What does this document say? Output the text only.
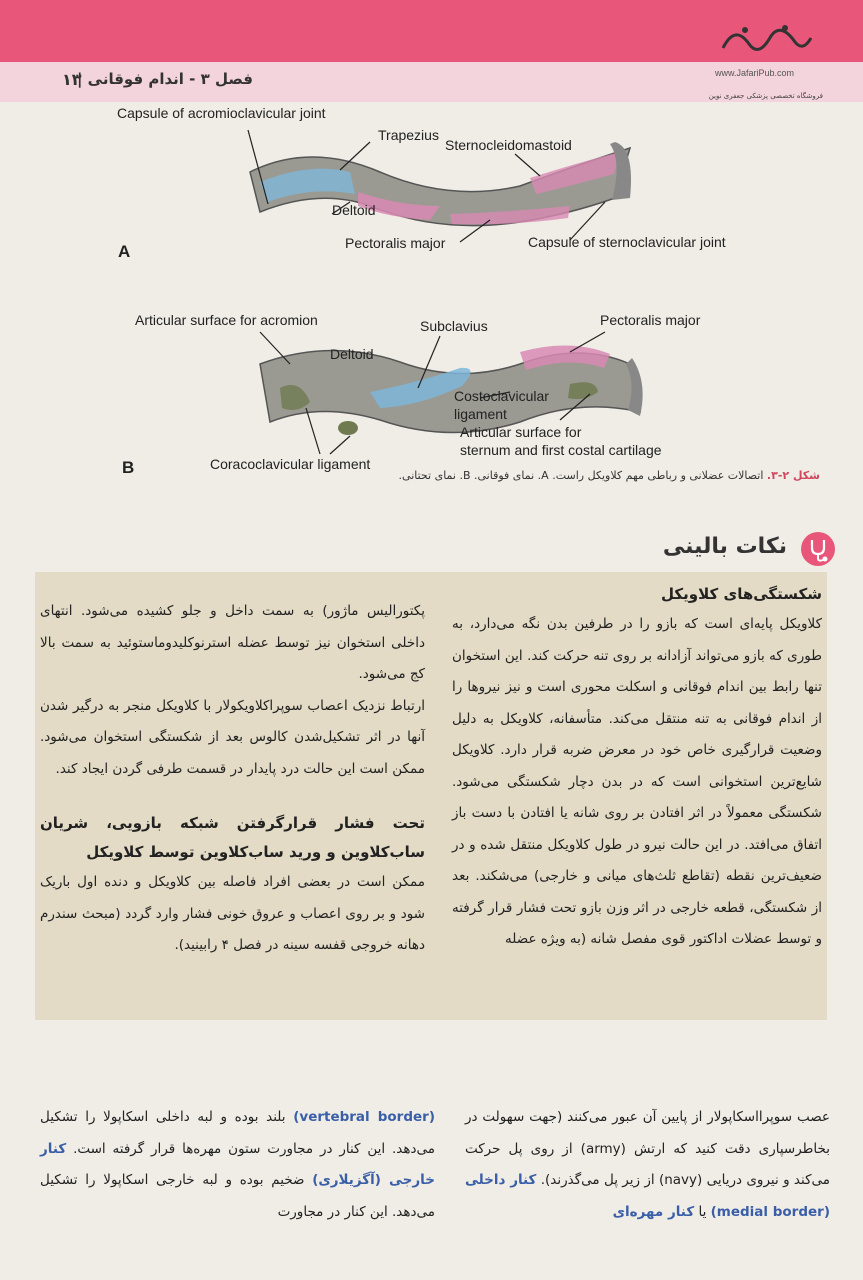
فصل ۳ - اندام فوقانی |
۱۳	www.JafariPub.com
فروشگاه تخصصی پزشکی جعفری نوین
Capsule of acromioclavicular joint
Trapezius
Sternocleidomastoid
Deltoid
Pectoralis major	Capsule of sternoclavicular joint
A
Articular surface for acromion	Subclavius	Pectoralis major
Deltoid
Costoclavicular
ligament
Articular surface for
sternum and first costal cartilage
Coracoclavicular ligament
B	شکل ۲-۳. اتصالات عضلانی و رباطی مهم کلاویکل راست. A. نمای فوقانی. B. نمای تحتانی.
نکات بالینی

شکستگی‌های کلاویکل

کلاویکل پایه‌ای است که بازو را در طرفین بدن نگه می‌دارد، به طوری که بازو می‌تواند آزادانه بر روی تنه حرکت کند. این استخوان تنها رابط بین اندام فوقانی و اسکلت محوری است و نیز نیروها را از اندام فوقانی به تنه منتقل می‌کند. متأسفانه، کلاویکل به دلیل وضعیت قرارگیری خاص خود در معرض ضربه قرار دارد. کلاویکل شایع‌ترین استخوانی است که در بدن دچار شکستگی می‌شود. شکستگی معمولاً در اثر افتادن بر روی شانه یا افتادن با دست باز اتفاق می‌افتد. در این حالت نیرو در طول کلاویکل منتقل شده و در ضعیف‌ترین نقطه (تقاطع ثلث‌های میانی و خارجی) می‌شکند. بعد از شکستگی، قطعه خارجی در اثر وزن بازو تحت فشار قرار گرفته و توسط عضلات اداکتور قوی مفصل شانه (به ویژه عضله

پکتورالیس ماژور) به سمت داخل و جلو کشیده می‌شود. انتهای داخلی استخوان نیز توسط عضله استرنوکلیدوماستوئید به سمت بالا کج می‌شود.

ارتباط نزدیک اعصاب سوپراکلاویکولار با کلاویکل منجر به درگیر شدن آنها در اثر تشکیل‌شدن کالوس بعد از شکستگی استخوان می‌شود. ممکن است این حالت درد پایدار در قسمت طرفی گردن ایجاد کند.

تحت فشار قرارگرفتن شبکه بازویی، شریان ساب‌کلاوین و ورید ساب‌کلاوین توسط کلاویکل

ممکن است در بعضی افراد فاصله بین کلاویکل و دنده اول باریک شود و بر روی اعصاب و عروق خونی فشار وارد گردد (مبحث سندرم دهانه خروجی قفسه سینه در فصل ۴ رابینید).

عصب سوپرااسکاپولار از پایین آن عبور می‌کنند (جهت سهولت در بخاطرسپاری دقت کنید که ارتش (army) از روی پل حرکت می‌کند و نیروی دریایی (navy) از زیر پل می‌گذرند). کنار داخلی (medial border) یا کنار مهره‌ای

(vertebral border) بلند بوده و لبه داخلی اسکاپولا را تشکیل می‌دهد. این کنار در مجاورت ستون مهره‌ها قرار گرفته است. کنار خارجی (آگزیلاری) ضخیم بوده و لبه خارجی اسکاپولا را تشکیل می‌دهد. این کنار در مجاورت
